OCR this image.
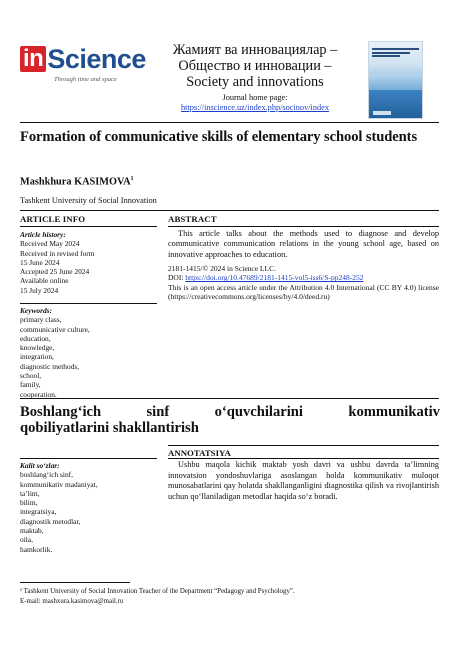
in Science
Through time and space
Жамият ва инновациялар –
Общество и инновации –
Society and innovations
Journal home page:
https://inscience.uz/index.php/socinov/index
Formation of communicative skills of elementary school students
Mashkhura KASIMOVA$^1$
Tashkent University of Social Innovation
ARTICLE INFO
Article history:
Received May 2024
Received in revised form
15 June 2024
Accepted 25 June 2024
Available online
15 July 2024
Keywords:
primary class,
communicative culture,
education,
knowledge,
integration,
diagnostic methods,
school,
family,
cooperation.
ABSTRACT

This article talks about the methods used to diagnose and develop communicative communication relations in the young school age, based on innovative approaches to education.

2181-1415/© 2024 in Science LLC.
DOI: https://doi.org/10.47689/2181-1415-vol5-iss6/S-pp248-252
This is an open access article under the Attribution 4.0 International (CC BY 4.0) license (https://creativecommons.org/licenses/by/4.0/deed.ru)
Boshlang‘ich	sinf	o‘quvchilarini	kommunikativ
qobiliyatlarini shakllantirish
ANNOTATSIYA
Kalit so‘zlar:
boshlang‘ich sinf,
kommunikativ madaniyat,
ta’lim,
bilim,
integratsiya,
diagnostik metodlar,
maktab,
oila,
hamkorlik.

Ushbu maqola kichik maktab yosh davri va ushbu davrda ta’limning innovatsion yondoshuvlariga asoslangan holda kommunikativ muloqot munosabatlarini qay holatda shakllanganligini diagnostika qilish va rivojlantirish uchun qo‘llaniladigan metodlar haqida so‘z boradi.

¹ Tashkent University of Social Innovation Teacher of the Department “Pedagogy and Psychology”.
E-mail: mashxura.kasimova@mail.ru
